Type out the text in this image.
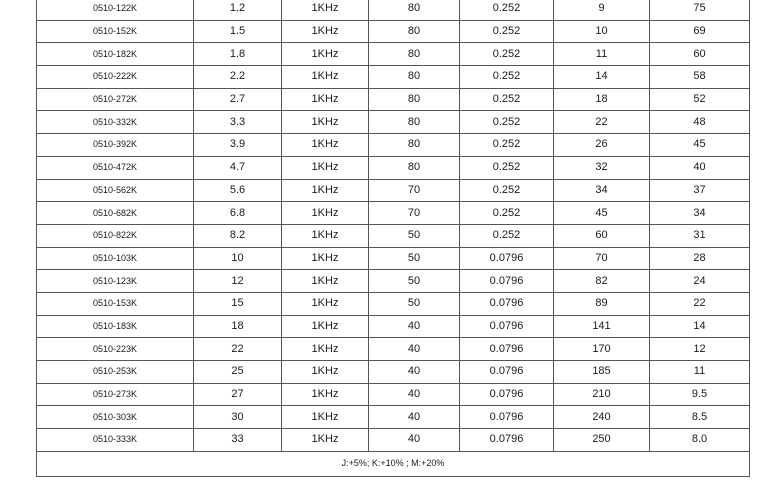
0510-122K	1.2	1KHz	80	0.252	9	75
0510-152K	1.5	1KHz	80	0.252	10	69
0510-182K	1.8	1KHz	80	0.252	11	60
0510-222K	2.2	1KHz	80	0.252	14	58
0510-272K	2.7	1KHz	80	0.252	18	52
0510-332K	3.3	1KHz	80	0.252	22	48
0510-392K	3.9	1KHz	80	0.252	26	45
0510-472K	4.7	1KHz	80	0.252	32	40
0510-562K	5.6	1KHz	70	0.252	34	37
0510-682K	6.8	1KHz	70	0.252	45	34
0510-822K	8.2	1KHz	50	0.252	60	31
0510-103K	10	1KHz	50	0.0796	70	28
0510-123K	12	1KHz	50	0.0796	82	24
0510-153K	15	1KHz	50	0.0796	89	22
0510-183K	18	1KHz	40	0.0796	141	14
0510-223K	22	1KHz	40	0.0796	170	12
0510-253K	25	1KHz	40	0.0796	185	11
0510-273K	27	1KHz	40	0.0796	210	9.5
0510-303K	30	1KHz	40	0.0796	240	8.5
0510-333K	33	1KHz	40	0.0796	250	8.0
J:+5%; K:+10% ; M:+20%						
